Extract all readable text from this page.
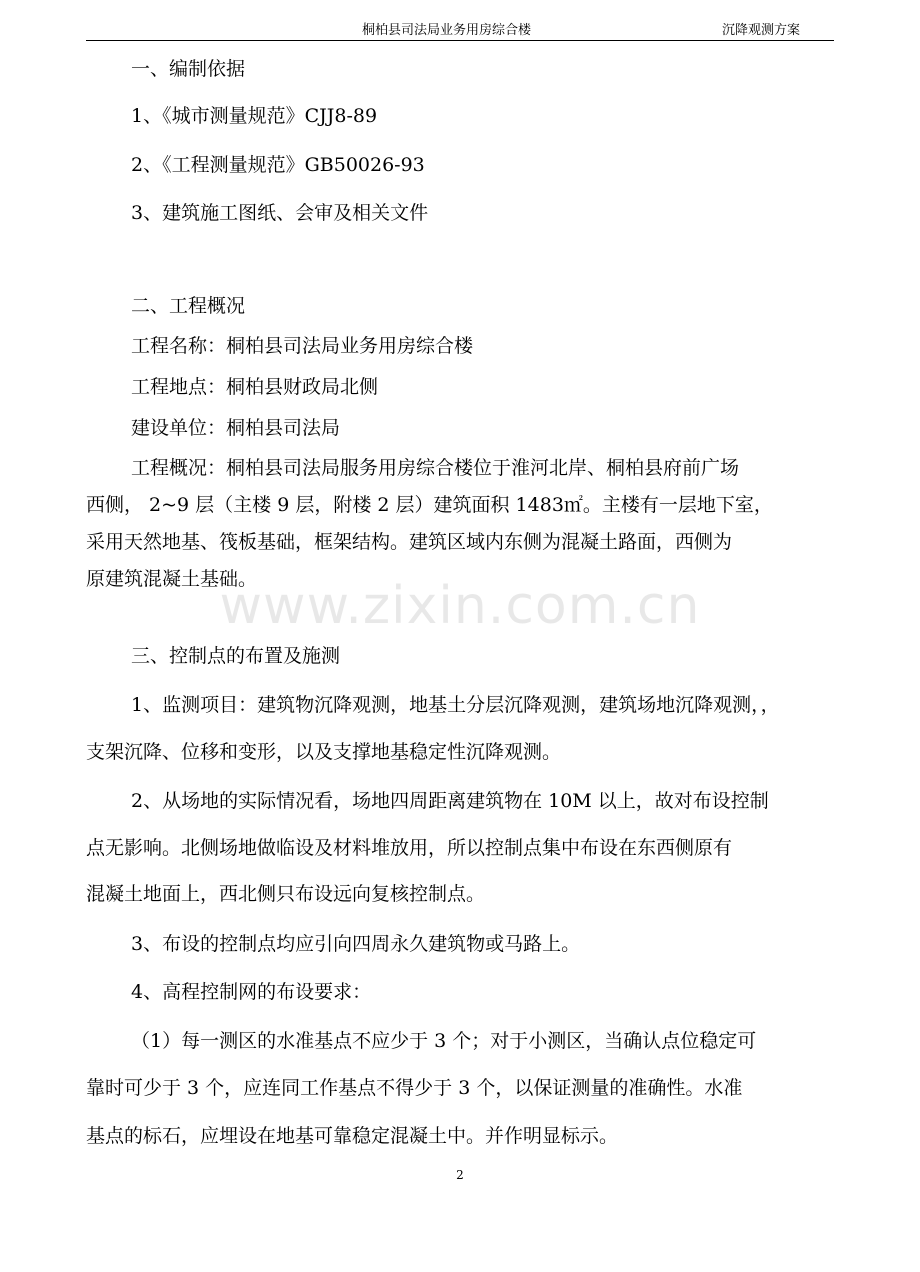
桐柏县司法局业务用房综合楼	沉降观测方案
一、编制依据
1、《城市测量规范》CJJ8-89
2、《工程测量规范》GB50026-93
3、建筑施工图纸、会审及相关文件
二、工程概况
工程名称：桐柏县司法局业务用房综合楼
工程地点：桐柏县财政局北侧
建设单位：桐柏县司法局
工程概况：桐柏县司法局服务用房综合楼位于淮河北岸、桐柏县府前广场
西侧， 2~9 层（主楼 9 层，附楼 2 层）建筑面积 1483㎡。主楼有一层地下室，
采用天然地基、筏板基础，框架结构。建筑区域内东侧为混凝土路面，西侧为
原建筑混凝土基础。
www.zixin.com.cn
三、控制点的布置及施测
1、监测项目：建筑物沉降观测，地基土分层沉降观测，建筑场地沉降观测，，
支架沉降、位移和变形，以及支撑地基稳定性沉降观测。
2、从场地的实际情况看，场地四周距离建筑物在 10M 以上，故对布设控制
点无影响。北侧场地做临设及材料堆放用，所以控制点集中布设在东西侧原有
混凝土地面上，西北侧只布设远向复核控制点。
3、布设的控制点均应引向四周永久建筑物或马路上。
4、高程控制网的布设要求：
（1）每一测区的水准基点不应少于 3 个；对于小测区，当确认点位稳定可
靠时可少于 3 个，应连同工作基点不得少于 3 个，以保证测量的准确性。水准
基点的标石，应埋设在地基可靠稳定混凝土中。并作明显标示。
2
